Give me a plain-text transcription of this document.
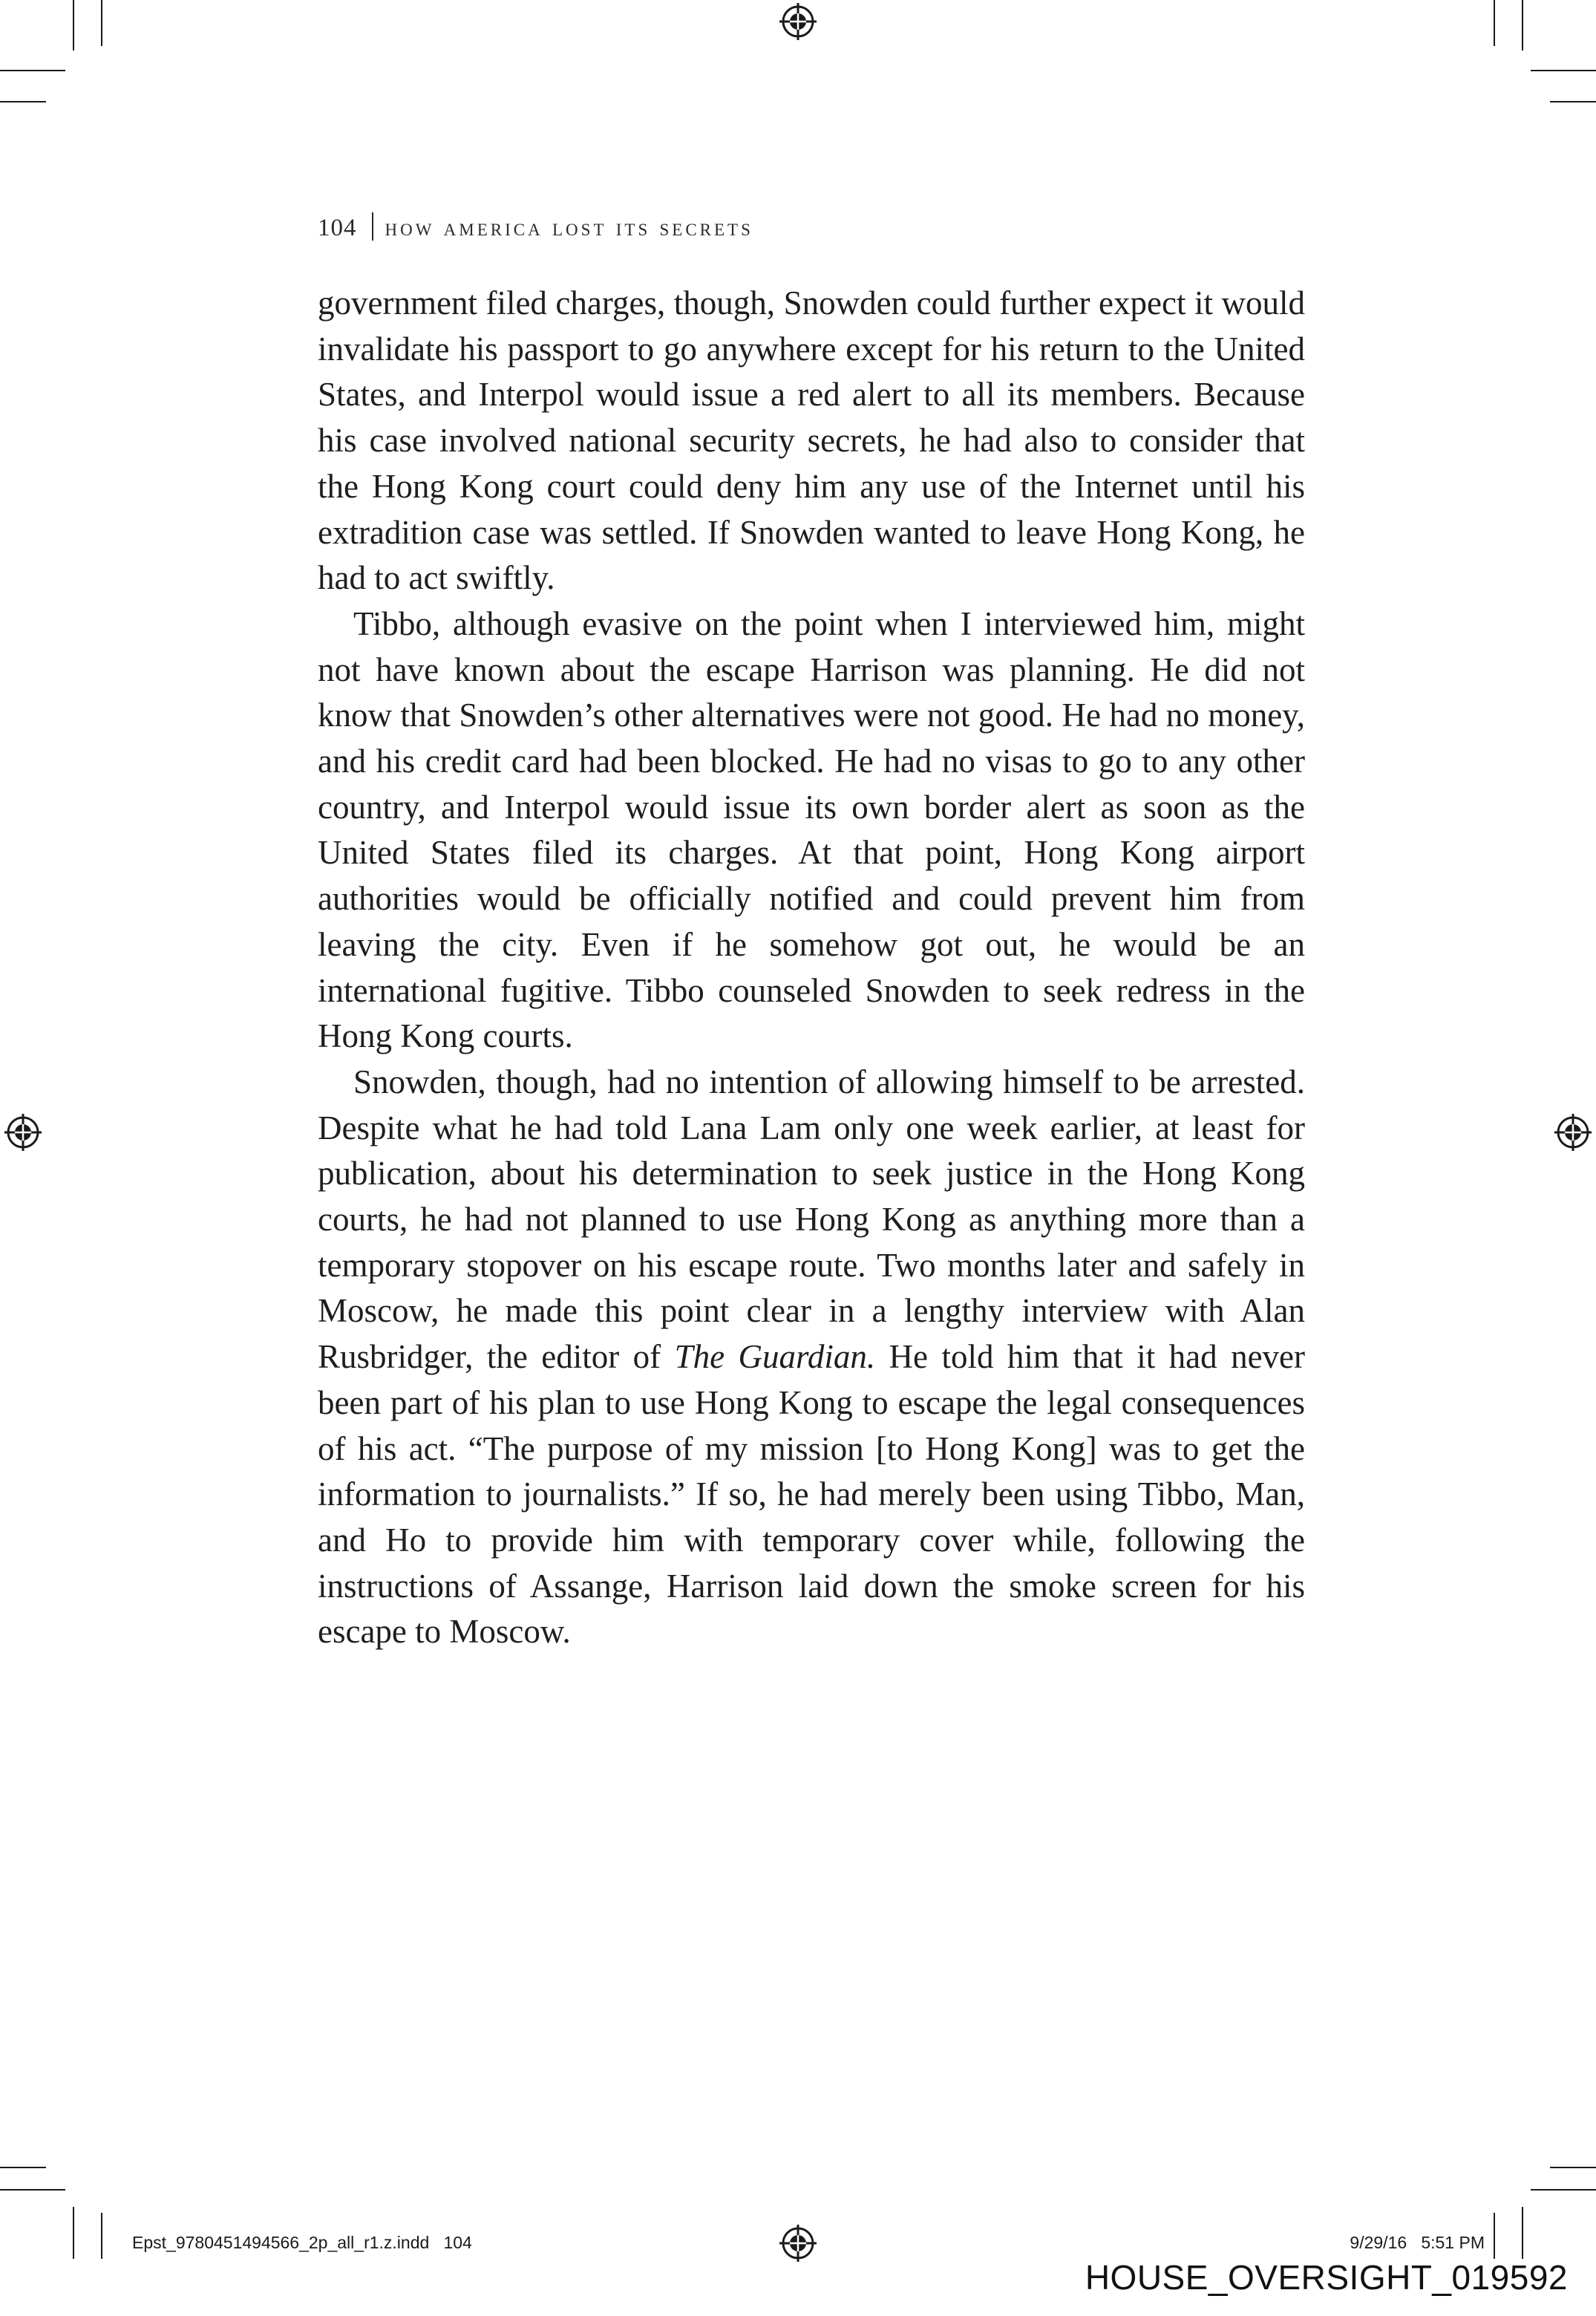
104 how america lost its secrets

government filed charges, though, Snowden could further expect it would invalidate his passport to go anywhere except for his return to the United States, and Interpol would issue a red alert to all its members. Because his case involved national security secrets, he had also to consider that the Hong Kong court could deny him any use of the Internet until his extradition case was settled. If Snowden wanted to leave Hong Kong, he had to act swiftly.

Tibbo, although evasive on the point when I interviewed him, might not have known about the escape Harrison was planning. He did not know that Snowden’s other alternatives were not good. He had no money, and his credit card had been blocked. He had no visas to go to any other country, and Interpol would issue its own border alert as soon as the United States filed its charges. At that point, Hong Kong airport authorities would be officially notified and could prevent him from leaving the city. Even if he somehow got out, he would be an international fugitive. Tibbo counseled Snowden to seek redress in the Hong Kong courts.

Snowden, though, had no intention of allowing himself to be arrested. Despite what he had told Lana Lam only one week earlier, at least for publication, about his determination to seek justice in the Hong Kong courts, he had not planned to use Hong Kong as anything more than a temporary stopover on his escape route. Two months later and safely in Moscow, he made this point clear in a lengthy interview with Alan Rusbridger, the editor of The Guardian. He told him that it had never been part of his plan to use Hong Kong to escape the legal consequences of his act. “The purpose of my mission [to Hong Kong] was to get the information to journalists.” If so, he had merely been using Tibbo, Man, and Ho to provide him with temporary cover while, following the instructions of Assange, Harrison laid down the smoke screen for his escape to Moscow.

Epst_9780451494566_2p_all_r1.z.indd   104	9/29/16   5:51 PM
HOUSE_OVERSIGHT_019592
